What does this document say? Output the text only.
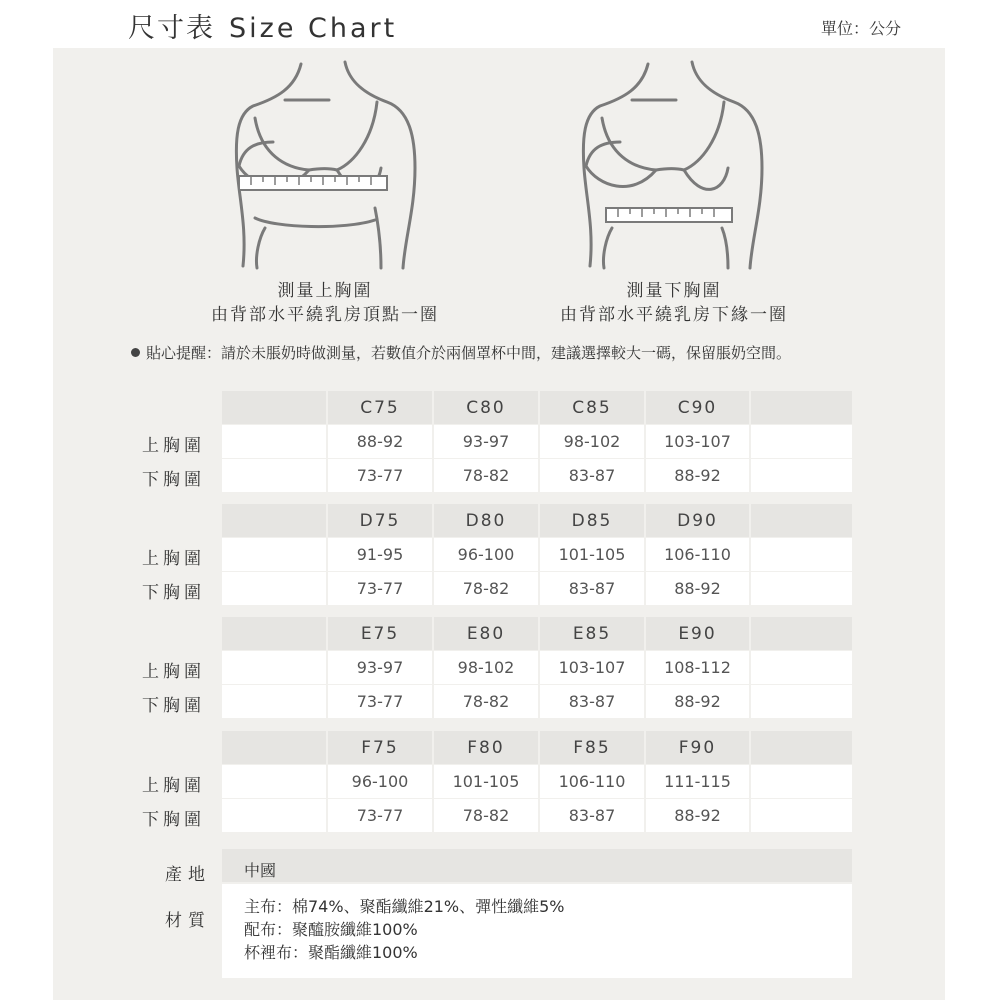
尺寸表 Size Chart	單位：公分
測量上胸圍
由背部水平繞乳房頂點一圈
測量下胸圍
由背部水平繞乳房下緣一圈
貼心提醒：請於未脹奶時做測量，若數值介於兩個罩杯中間，建議選擇較大一碼，保留脹奶空間。
C75	C80	C85	C90
上胸圍	88-92	93-97	98-102	103-107
下胸圍	73-77	78-82	83-87	88-92
D75	D80	D85	D90
上胸圍	91-95	96-100	101-105	106-110
下胸圍	73-77	78-82	83-87	88-92
E75	E80	E85	E90
上胸圍	93-97	98-102	103-107	108-112
下胸圍	73-77	78-82	83-87	88-92
F75	F80	F85	F90
上胸圍	96-100	101-105	106-110	111-115
下胸圍	73-77	78-82	83-87	88-92
產地	中國
材質
主布：棉74%、聚酯纖維21%、彈性纖維5%
配布：聚醯胺纖維100%
杯裡布：聚酯纖維100%
